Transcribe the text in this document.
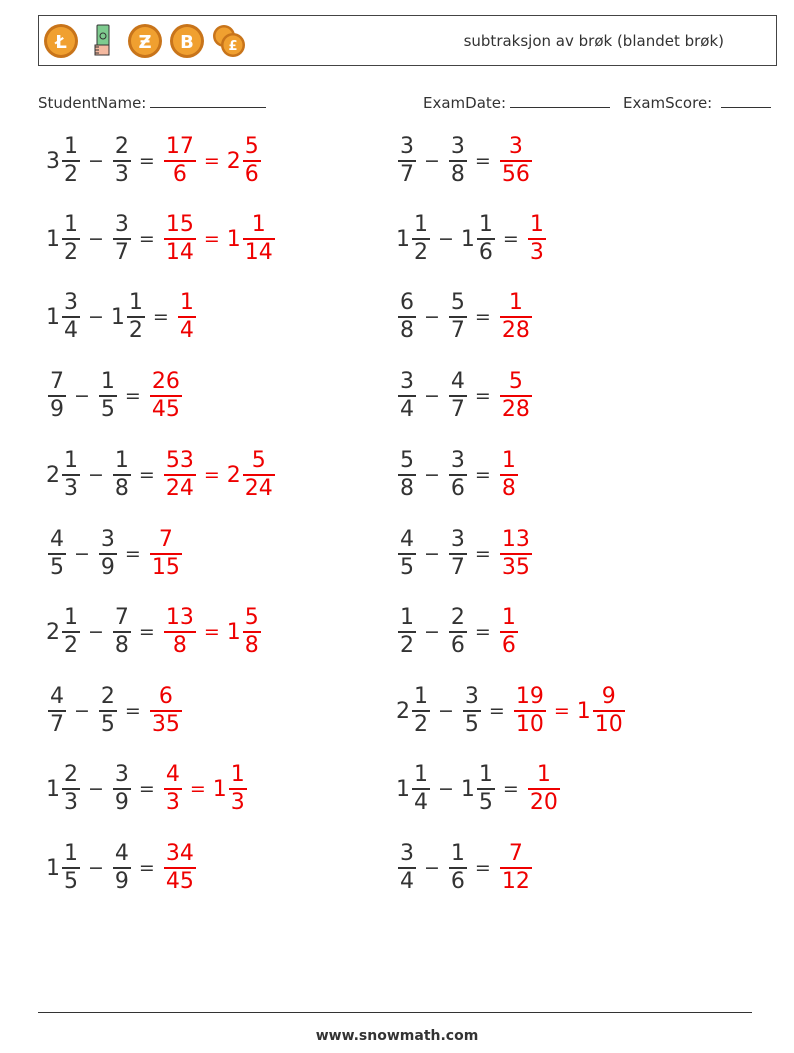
Ł	Ƶ B	£	subtraksjon av brøk (blandet brøk)
StudentName:	ExamDate:	ExamScore:
$3 \frac{1}{2} - \frac{2}{3} = \frac{17}{6} = 2 \frac{5}{6}$	$\frac{3}{7} - \frac{3}{8} = \frac{3}{56}$
$1 \frac{1}{2} - \frac{3}{7} = \frac{15}{14} = 1 \frac{1}{14}$	$1 \frac{1}{2} - 1 \frac{1}{6} = \frac{1}{3}$
$1 \frac{3}{4} - 1 \frac{1}{2} = \frac{1}{4}$	$\frac{6}{8} - \frac{5}{7} = \frac{1}{28}$
$\frac{7}{9} - \frac{1}{5} = \frac{26}{45}$	$\frac{3}{4} - \frac{4}{7} = \frac{5}{28}$
$2 \frac{1}{3} - \frac{1}{8} = \frac{53}{24} = 2 \frac{5}{24}$	$\frac{5}{8} - \frac{3}{6} = \frac{1}{8}$
$\frac{4}{5} - \frac{3}{9} = \frac{7}{15}$	$\frac{4}{5} - \frac{3}{7} = \frac{13}{35}$
$2 \frac{1}{2} - \frac{7}{8} = \frac{13}{8} = 1 \frac{5}{8}$	$\frac{1}{2} - \frac{2}{6} = \frac{1}{6}$
$\frac{4}{7} - \frac{2}{5} = \frac{6}{35}$	$2 \frac{1}{2} - \frac{3}{5} = \frac{19}{10} = 1 \frac{9}{10}$
$1 \frac{2}{3} - \frac{3}{9} = \frac{4}{3} = 1 \frac{1}{3}$	$1 \frac{1}{4} - 1 \frac{1}{5} = \frac{1}{20}$
$1 \frac{1}{5} - \frac{4}{9} = \frac{34}{45}$	$\frac{3}{4} - \frac{1}{6} = \frac{7}{12}$
www.snowmath.com
